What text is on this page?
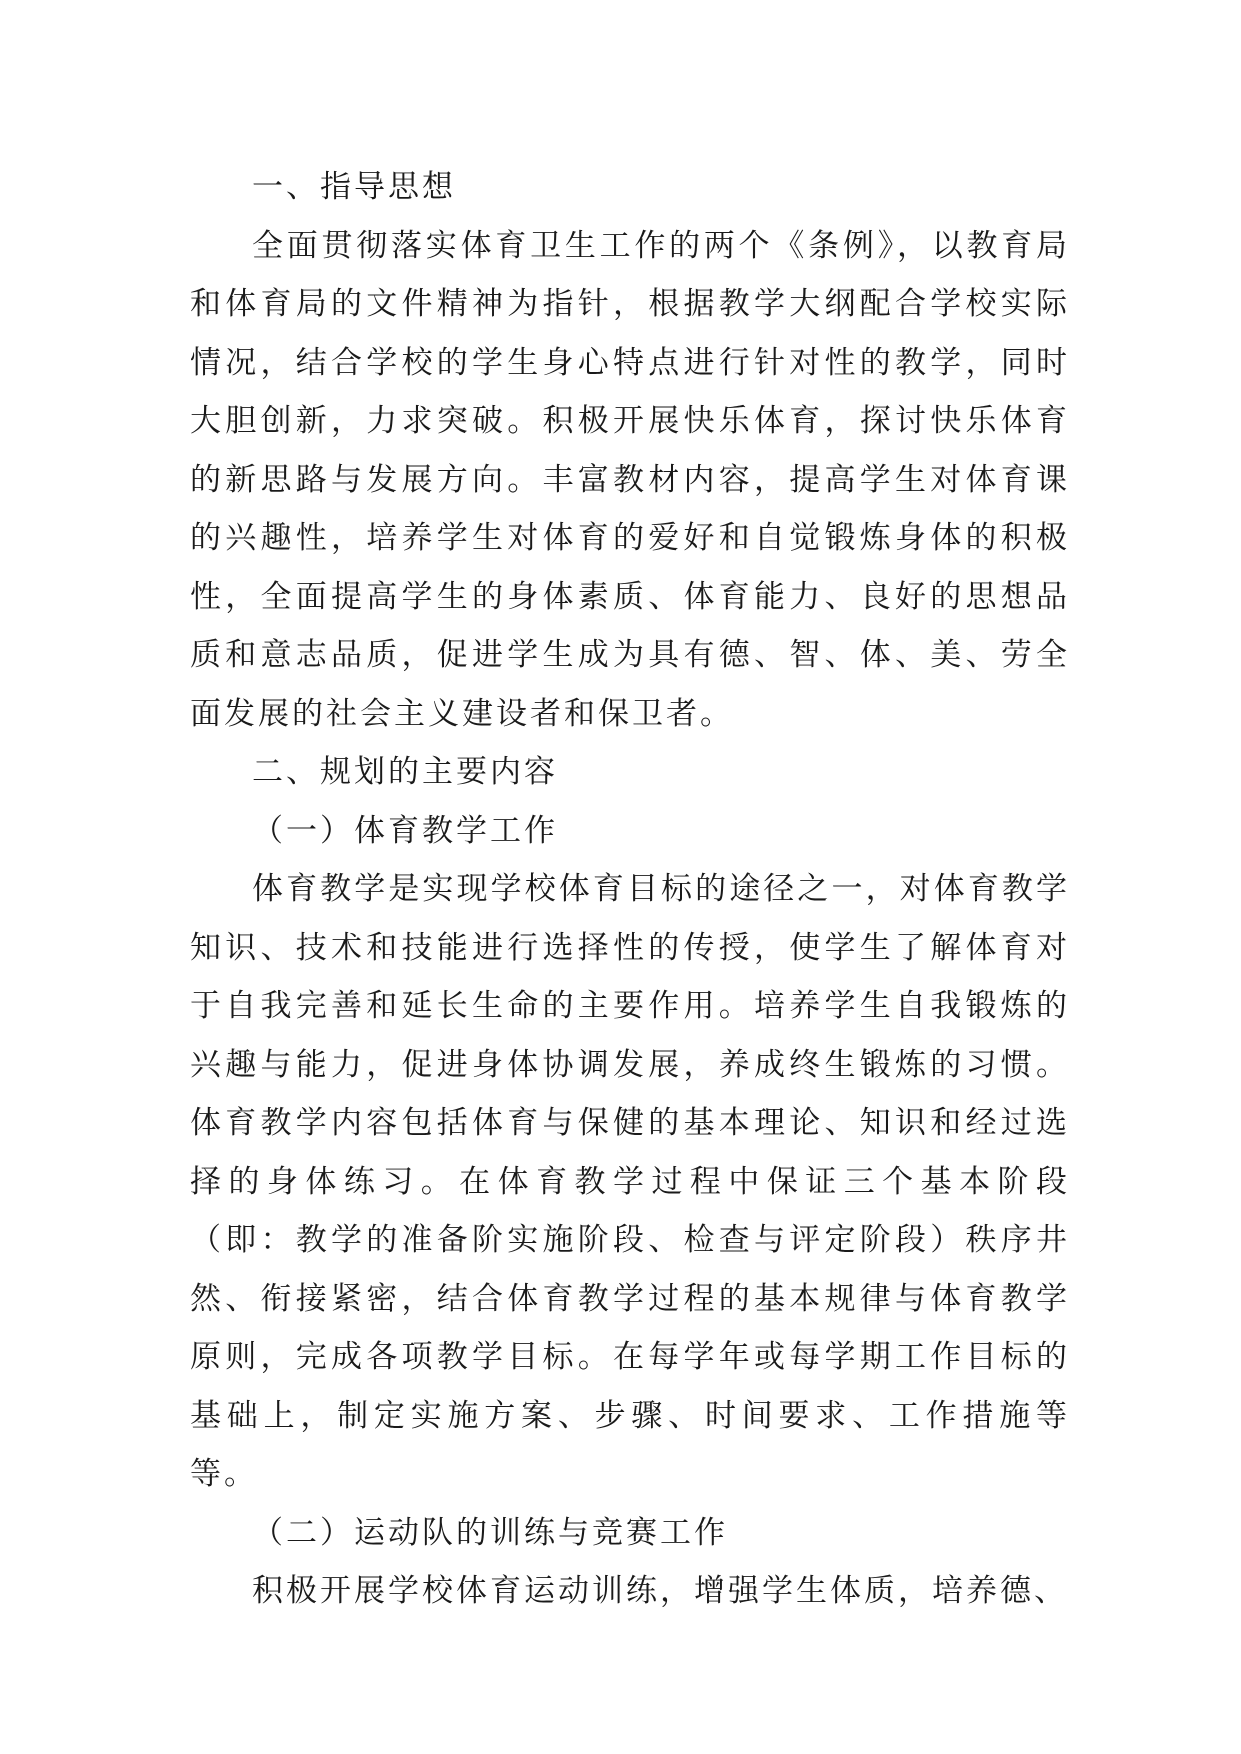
一、指导思想

全面贯彻落实体育卫生工作的两个《条例》，以教育局和体育局的文件精神为指针，根据教学大纲配合学校实际情况，结合学校的学生身心特点进行针对性的教学，同时大胆创新，力求突破。积极开展快乐体育，探讨快乐体育的新思路与发展方向。丰富教材内容，提高学生对体育课的兴趣性，培养学生对体育的爱好和自觉锻炼身体的积极性，全面提高学生的身体素质、体育能力、良好的思想品质和意志品质，促进学生成为具有德、智、体、美、劳全面发展的社会主义建设者和保卫者。

二、规划的主要内容

（一）体育教学工作

体育教学是实现学校体育目标的途径之一，对体育教学知识、技术和技能进行选择性的传授，使学生了解体育对于自我完善和延长生命的主要作用。培养学生自我锻炼的兴趣与能力，促进身体协调发展，养成终生锻炼的习惯。体育教学内容包括体育与保健的基本理论、知识和经过选择的身体练习。在体育教学过程中保证三个基本阶段（即：教学的准备阶实施阶段、检查与评定阶段）秩序井然、衔接紧密，结合体育教学过程的基本规律与体育教学原则，完成各项教学目标。在每学年或每学期工作目标的基础上，制定实施方案、步骤、时间要求、工作措施等等。

（二）运动队的训练与竞赛工作

积极开展学校体育运动训练，增强学生体质，培养德、
